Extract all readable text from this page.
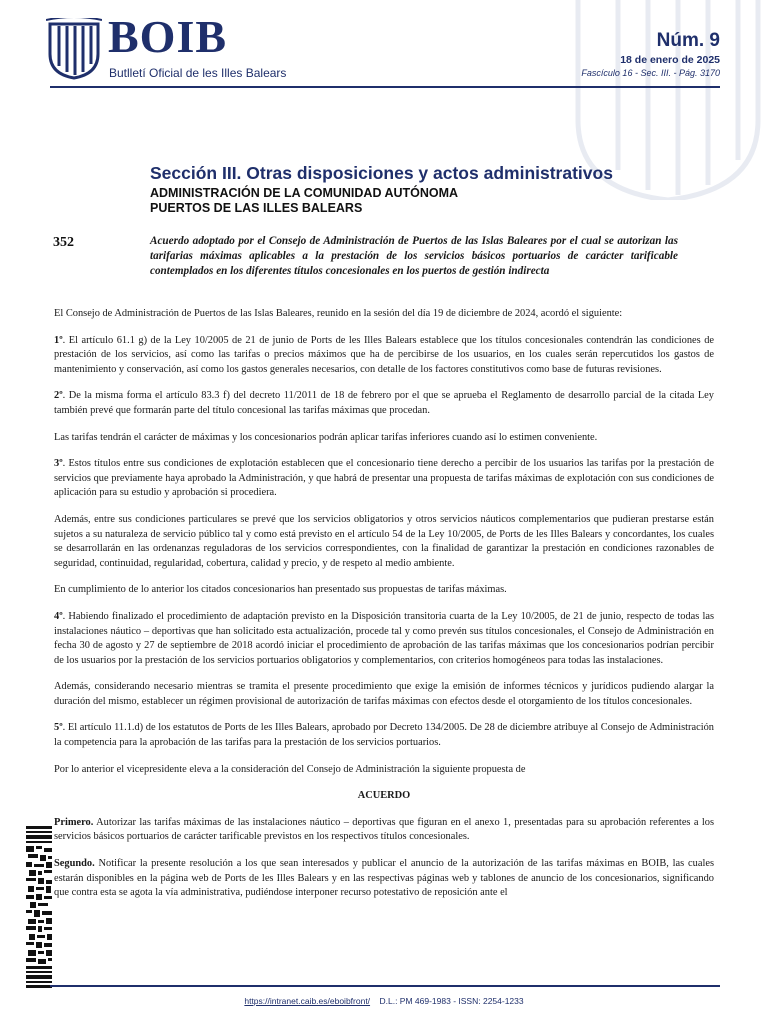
BOIB
Butlletí Oficial de les Illes Balears
Núm. 9
18 de enero de 2025
Fascículo 16 - Sec. III. - Pág. 3170
Sección III. Otras disposiciones y actos administrativos
ADMINISTRACIÓN DE LA COMUNIDAD AUTÓNOMA
PUERTOS DE LAS ILLES BALEARS
352	Acuerdo adoptado por el Consejo de Administración de Puertos de las Islas Baleares por el cual se autorizan las tarifarias máximas aplicables a la prestación de los servicios básicos portuarios de carácter tarificable contemplados en los diferentes títulos concesionales en los puertos de gestión indirecta

El Consejo de Administración de Puertos de las Islas Baleares, reunido en la sesión del día 19 de diciembre de 2024, acordó el siguiente:

1º. El artículo 61.1 g) de la Ley 10/2005 de 21 de junio de Ports de les Illes Balears establece que los títulos concesionales contendrán las condiciones de prestación de los servicios, así como las tarifas o precios máximos que ha de percibirse de los usuarios, en los cuales serán repercutidos los gastos de mantenimiento y conservación, así como los gastos generales necesarios, con detalle de los factores constitutivos como base de futuras revisiones.

2º. De la misma forma el artículo 83.3 f) del decreto 11/2011 de 18 de febrero por el que se aprueba el Reglamento de desarrollo parcial de la citada Ley también prevé que formarán parte del título concesional las tarifas máximas que procedan.

Las tarifas tendrán el carácter de máximas y los concesionarios podrán aplicar tarifas inferiores cuando así lo estimen conveniente.

3º. Estos títulos entre sus condiciones de explotación establecen que el concesionario tiene derecho a percibir de los usuarios las tarifas por la prestación de servicios que previamente haya aprobado la Administración, y que habrá de presentar una propuesta de tarifas máximas de explotación con sus condiciones de aplicación para su estudio y aprobación si procediera.

Además, entre sus condiciones particulares se prevé que los servicios obligatorios y otros servicios náuticos complementarios que pudieran prestarse están sujetos a su naturaleza de servicio público tal y como está previsto en el artículo 54 de la Ley 10/2005, de Ports de les Illes Balears y concordantes, los cuales se desarrollarán en las ordenanzas reguladoras de los servicios correspondientes, con la finalidad de garantizar la prestación en condiciones razonables de seguridad, continuidad, regularidad, cobertura, calidad y precio, y de respeto al medio ambiente.

En cumplimiento de lo anterior los citados concesionarios han presentado sus propuestas de tarifas máximas.

4º. Habiendo finalizado el procedimiento de adaptación previsto en la Disposición transitoria cuarta de la Ley 10/2005, de 21 de junio, respecto de todas las instalaciones náutico – deportivas que han solicitado esta actualización, procede tal y como prevén sus títulos concesionales, el Consejo de Administración en fecha 30 de agosto y 27 de septiembre de 2018 acordó iniciar el procedimiento de aprobación de las tarifas máximas que los concesionarios podrían percibir de los usuarios por la prestación de los servicios portuarios obligatorios y complementarios, con criterios homogéneos para todas las instalaciones.

Además, considerando necesario mientras se tramita el presente procedimiento que exige la emisión de informes técnicos y jurídicos pudiendo alargar la duración del mismo, establecer un régimen provisional de autorización de tarifas máximas con efectos desde el otorgamiento de los títulos concesionales.

5º. El artículo 11.1.d) de los estatutos de Ports de les Illes Balears, aprobado por Decreto 134/2005. De 28 de diciembre atribuye al Consejo de Administración la competencia para la aprobación de las tarifas para la prestación de los servicios portuarios.

Por lo anterior el vicepresidente eleva a la consideración del Consejo de Administración la siguiente propuesta de

ACUERDO

Primero. Autorizar las tarifas máximas de las instalaciones náutico – deportivas que figuran en el anexo 1, presentadas para su aprobación referentes a los servicios básicos portuarios de carácter tarificable previstos en los respectivos títulos concesionales.

Segundo. Notificar la presente resolución a los que sean interesados y publicar el anuncio de la autorización de las tarifas máximas en BOIB, las cuales estarán disponibles en la página web de Ports de les Illes Balears y en las respectivas páginas web y tablones de anuncio de los concesionarios, significando que contra esta se agota la vía administrativa, pudiéndose interponer recurso potestativo de reposición ante el

https://intranet.caib.es/eboibfront/ D.L.: PM 469-1983 - ISSN: 2254-1233
